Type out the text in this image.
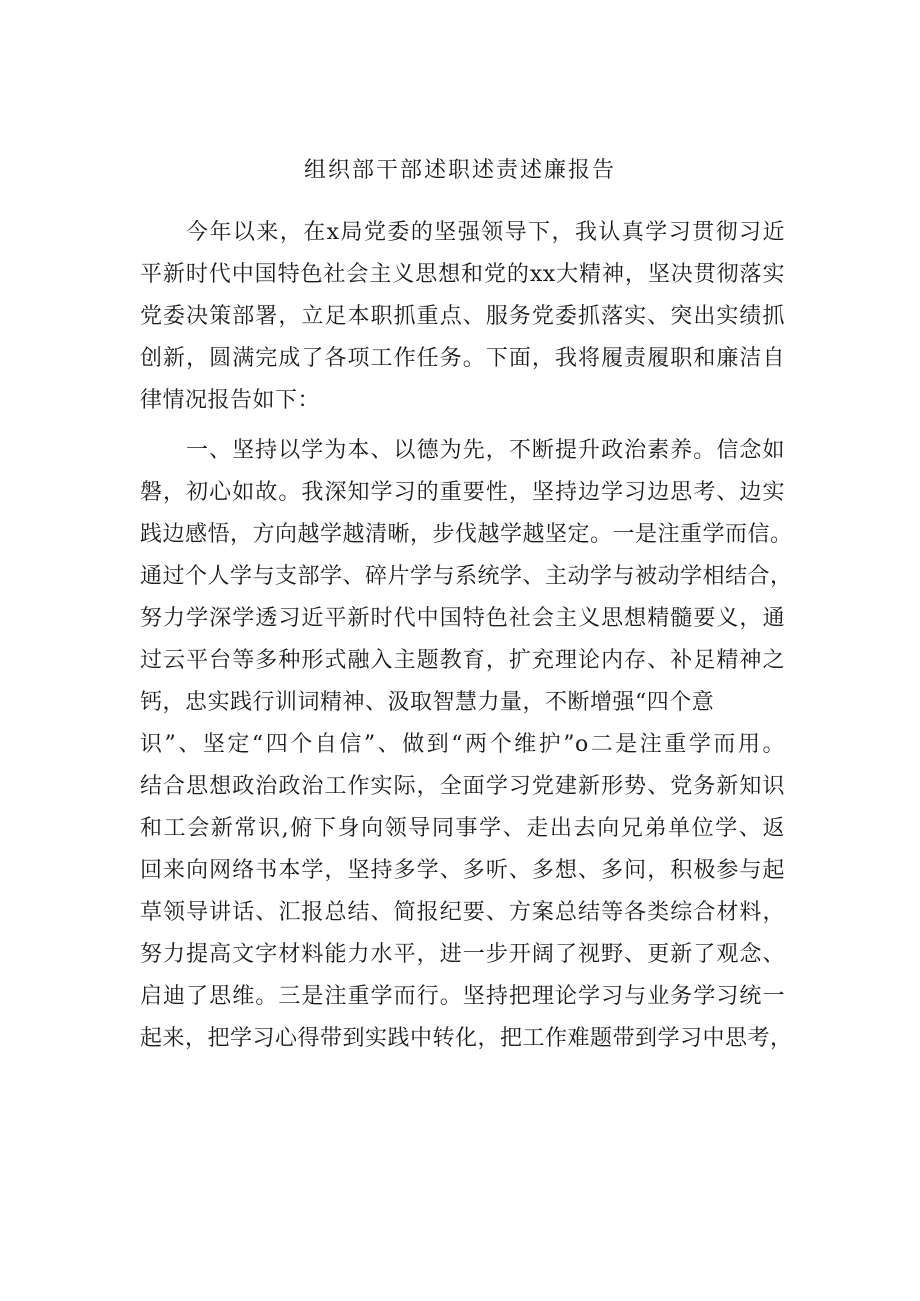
组织部干部述职述责述廉报告
今年以来，在x局党委的坚强领导下，我认真学习贯彻习近
平新时代中国特色社会主义思想和党的xx大精神，坚决贯彻落实
党委决策部署，立足本职抓重点、服务党委抓落实、突出实绩抓
创新，圆满完成了各项工作任务。下面，我将履责履职和廉洁自
律情况报告如下：
一、坚持以学为本、以德为先，不断提升政治素养。信念如
磐，初心如故。我深知学习的重要性，坚持边学习边思考、边实
践边感悟，方向越学越清晰，步伐越学越坚定。一是注重学而信。
通过个人学与支部学、碎片学与系统学、主动学与被动学相结合，
努力学深学透习近平新时代中国特色社会主义思想精髓要义，通
过云平台等多种形式融入主题教育，扩充理论内存、补足精神之
钙，忠实践行训词精神、汲取智慧力量，不断增强“四个意
识”、坚定“四个自信”、做到“两个维护”o二是注重学而用。
结合思想政治政治工作实际，全面学习党建新形势、党务新知识
和工会新常识,俯下身向领导同事学、走出去向兄弟单位学、返
回来向网络书本学，坚持多学、多听、多想、多问，积极参与起
草领导讲话、汇报总结、简报纪要、方案总结等各类综合材料，
努力提高文字材料能力水平，进一步开阔了视野、更新了观念、
启迪了思维。三是注重学而行。坚持把理论学习与业务学习统一
起来，把学习心得带到实践中转化，把工作难题带到学习中思考，
